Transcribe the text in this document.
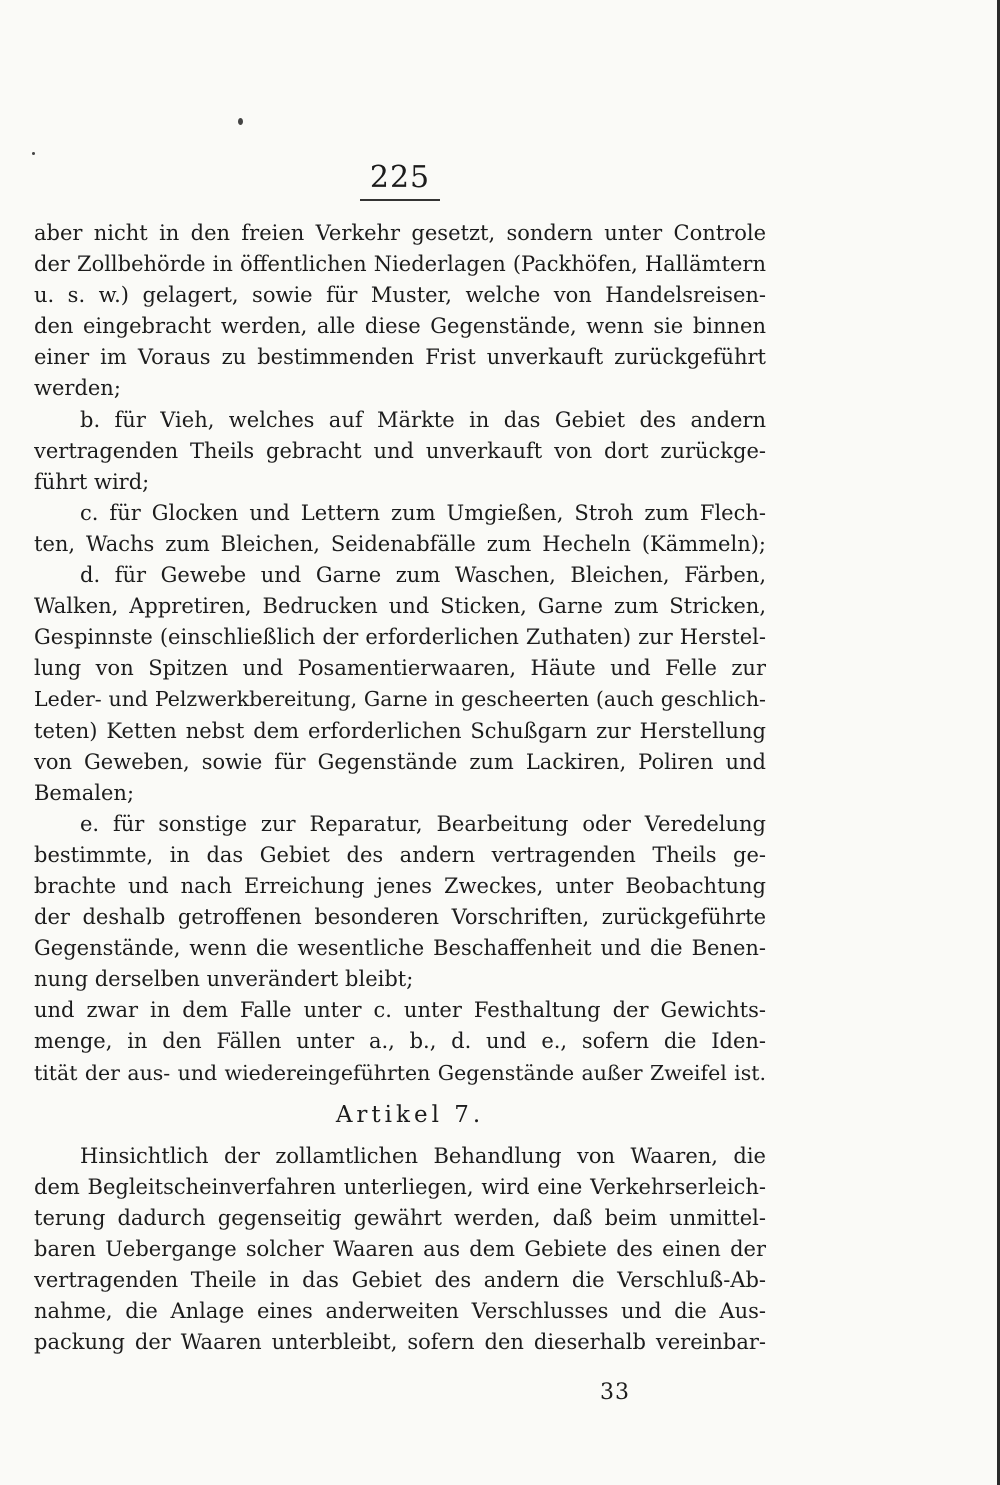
225
aber nicht in den freien Verkehr gesetzt, sondern unter Controle
der Zollbehörde in öffentlichen Niederlagen (Packhöfen, Hallämtern
u. s. w.) gelagert, sowie für Muster, welche von Handelsreisen-
den eingebracht werden, alle diese Gegenstände, wenn sie binnen
einer im Voraus zu bestimmenden Frist unverkauft zurückgeführt
werden;
b. für Vieh, welches auf Märkte in das Gebiet des andern
vertragenden Theils gebracht und unverkauft von dort zurückge-
führt wird;
c. für Glocken und Lettern zum Umgießen, Stroh zum Flech-
ten, Wachs zum Bleichen, Seidenabfälle zum Hecheln (Kämmeln);
d. für Gewebe und Garne zum Waschen, Bleichen, Färben,
Walken, Appretiren, Bedrucken und Sticken, Garne zum Stricken,
Gespinnste (einschließlich der erforderlichen Zuthaten) zur Herstel-
lung von Spitzen und Posamentierwaaren, Häute und Felle zur
Leder- und Pelzwerkbereitung, Garne in gescheerten (auch geschlich-
teten) Ketten nebst dem erforderlichen Schußgarn zur Herstellung
von Geweben, sowie für Gegenstände zum Lackiren, Poliren und
Bemalen;
e. für sonstige zur Reparatur, Bearbeitung oder Veredelung
bestimmte, in das Gebiet des andern vertragenden Theils ge-
brachte und nach Erreichung jenes Zweckes, unter Beobachtung
der deshalb getroffenen besonderen Vorschriften, zurückgeführte
Gegenstände, wenn die wesentliche Beschaffenheit und die Benen-
nung derselben unverändert bleibt;
und zwar in dem Falle unter c. unter Festhaltung der Gewichts-
menge, in den Fällen unter a., b., d. und e., sofern die Iden-
tität der aus- und wiedereingeführten Gegenstände außer Zweifel ist.
Artikel 7.
Hinsichtlich der zollamtlichen Behandlung von Waaren, die
dem Begleitscheinverfahren unterliegen, wird eine Verkehrserleich-
terung dadurch gegenseitig gewährt werden, daß beim unmittel-
baren Uebergange solcher Waaren aus dem Gebiete des einen der
vertragenden Theile in das Gebiet des andern die Verschluß-Ab-
nahme, die Anlage eines anderweiten Verschlusses und die Aus-
packung der Waaren unterbleibt, sofern den dieserhalb vereinbar-
33
